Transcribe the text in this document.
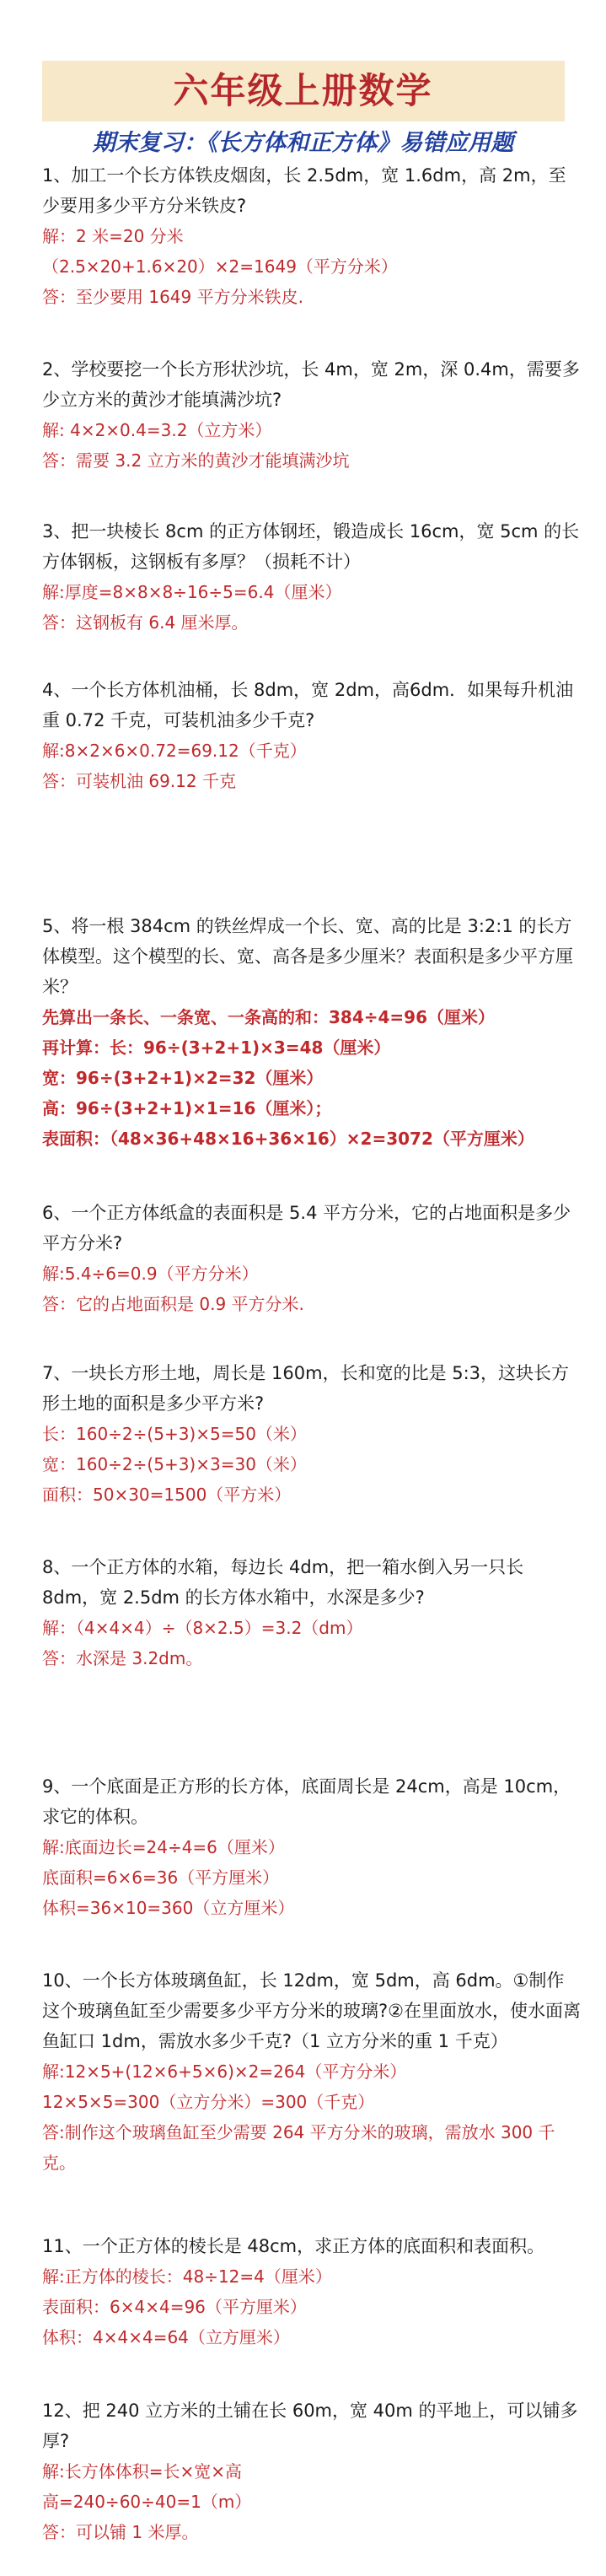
六年级上册数学
期末复习：《长方体和正方体》易错应用题

1、加工一个长方体铁皮烟囱，长 2.5dm，宽 1.6dm，高 2m，至少要用多少平方分米铁皮?

解：2 米=20 分米

（2.5×20+1.6×20）×2=1649（平方分米）

答：至少要用 1649 平方分米铁皮.

2、学校要挖一个长方形状沙坑，长 4m，宽 2m，深 0.4m，需要多少立方米的黄沙才能填满沙坑?

解: 4×2×0.4=3.2（立方米）

答：需要 3.2 立方米的黄沙才能填满沙坑

3、把一块棱长 8cm 的正方体钢坯，锻造成长 16cm，宽 5cm 的长方体钢板，这钢板有多厚？（损耗不计）

解:厚度=8×8×8÷16÷5=6.4（厘米）

答：这钢板有 6.4 厘米厚。

4、一个长方体机油桶，长 8dm，宽 2dm，高6dm．如果每升机油重 0.72 千克，可装机油多少千克?

解:8×2×6×0.72=69.12（千克）

答：可装机油 69.12 千克

5、将一根 384cm 的铁丝焊成一个长、宽、高的比是 3:2:1 的长方体模型。这个模型的长、宽、高各是多少厘米？表面积是多少平方厘米？

先算出一条长、一条宽、一条高的和：384÷4=96（厘米）

再计算：长：96÷(3+2+1)×3=48（厘米）

宽：96÷(3+2+1)×2=32（厘米）

高：96÷(3+2+1)×1=16（厘米）；

表面积：（48×36+48×16+36×16）×2=3072（平方厘米）

6、一个正方体纸盒的表面积是 5.4 平方分米，它的占地面积是多少平方分米?

解:5.4÷6=0.9（平方分米）

答：它的占地面积是 0.9 平方分米.

7、一块长方形土地，周长是 160m，长和宽的比是 5:3，这块长方形土地的面积是多少平方米?

长：160÷2÷(5+3)×5=50（米）

宽：160÷2÷(5+3)×3=30（米）

面积：50×30=1500（平方米）

8、一个正方体的水箱，每边长 4dm，把一箱水倒入另一只长 8dm，宽 2.5dm 的长方体水箱中，水深是多少?

解：（4×4×4）÷（8×2.5）=3.2（dm）

答：水深是 3.2dm。

9、一个底面是正方形的长方体，底面周长是 24cm，高是 10cm，求它的体积。

解:底面边长=24÷4=6（厘米）

底面积=6×6=36（平方厘米）

体积=36×10=360（立方厘米）

10、一个长方体玻璃鱼缸，长 12dm，宽 5dm，高 6dm。①制作这个玻璃鱼缸至少需要多少平方分米的玻璃?②在里面放水，使水面离鱼缸口 1dm，需放水多少千克?（1 立方分米的重 1 千克）

解:12×5+(12×6+5×6)×2=264（平方分米）

12×5×5=300（立方分米）=300（千克）

答:制作这个玻璃鱼缸至少需要 264 平方分米的玻璃，需放水 300 千克。

11、一个正方体的棱长是 48cm，求正方体的底面积和表面积。

解:正方体的棱长：48÷12=4（厘米）

表面积：6×4×4=96（平方厘米）

体积：4×4×4=64（立方厘米）

12、把 240 立方米的土铺在长 60m，宽 40m 的平地上，可以铺多厚?

解:长方体体积=长×宽×高

高=240÷60÷40=1（m）

答：可以铺 1 米厚。
